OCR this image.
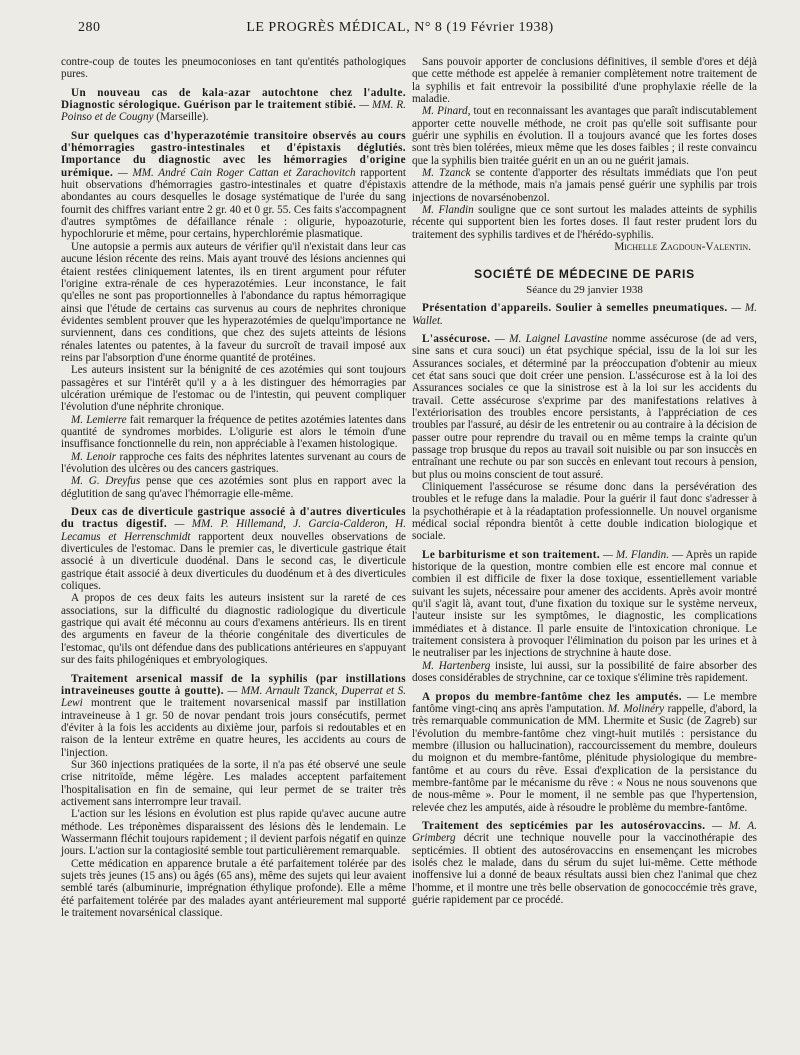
280	LE PROGRÈS MÉDICAL, N° 8 (19 Février 1938)

contre-coup de toutes les pneumoconioses en tant qu'entités pathologiques pures.

Un nouveau cas de kala-azar autochtone chez l'adulte. Diagnostic sérologique. Guérison par le traitement stibié. — MM. R. Poinso et de Cougny (Marseille).

Sur quelques cas d'hyperazotémie transitoire observés au cours d'hémorragies gastro-intestinales et d'épistaxis déglutiés. Importance du diagnostic avec les hémorragies d'origine urémique. — MM. André Cain Roger Cattan et Zarachovitch rapportent huit observations d'hémorragies gastro-intestinales et quatre d'épistaxis abondantes au cours desquelles le dosage systématique de l'urée du sang fournit des chiffres variant entre 2 gr. 40 et 0 gr. 55. Ces faits s'accompagnent d'autres symptômes de défaillance rénale : oligurie, hypoazoturie, hypochlorurie et même, pour certains, hyperchlorémie plasmatique.

Une autopsie a permis aux auteurs de vérifier qu'il n'existait dans leur cas aucune lésion récente des reins. Mais ayant trouvé des lésions anciennes qui étaient restées cliniquement latentes, ils en tirent argument pour réfuter l'origine extra-rénale de ces hyperazotémies. Leur inconstance, le fait qu'elles ne sont pas proportionnelles à l'abondance du raptus hémorragique ainsi que l'étude de certains cas survenus au cours de nephrites chronique évidentes semblent prouver que les hyperazotémies de quelqu'importance ne surviennent, dans ces conditions, que chez des sujets atteints de lésions rénales latentes ou patentes, à la faveur du surcroît de travail imposé aux reins par l'absorption d'une énorme quantité de protéines.

Les auteurs insistent sur la bénignité de ces azotémies qui sont toujours passagères et sur l'intérêt qu'il y a à les distinguer des hémorragies par ulcération urémique de l'estomac ou de l'intestin, qui peuvent compliquer l'évolution d'une néphrite chronique.

M. Lemierre fait remarquer la fréquence de petites azotémies latentes dans quantité de syndromes morbides. L'oligurie est alors le témoin d'une insuffisance fonctionnelle du rein, non appréciable à l'examen histologique.

M. Lenoir rapproche ces faits des néphrites latentes survenant au cours de l'évolution des ulcères ou des cancers gastriques.

M. G. Dreyfus pense que ces azotémies sont plus en rapport avec la déglutition de sang qu'avec l'hémorragie elle-même.

Deux cas de diverticule gastrique associé à d'autres diverticules du tractus digestif. — MM. P. Hillemand, J. Garcia-Calderon, H. Lecamus et Herrenschmidt rapportent deux nouvelles observations de diverticules de l'estomac. Dans le premier cas, le diverticule gastrique était associé à un diverticule duodénal. Dans le second cas, le diverticule gastrique était associé à deux diverticules du duodénum et à des diverticules coliques.

A propos de ces deux faits les auteurs insistent sur la rareté de ces associations, sur la difficulté du diagnostic radiologique du diverticule gastrique qui avait été méconnu au cours d'examens antérieurs. Ils en tirent des arguments en faveur de la théorie congénitale des diverticules de l'estomac, qu'ils ont défendue dans des publications antérieures en s'appuyant sur des faits philogéniques et embryologiques.

Traitement arsenical massif de la syphilis (par instillations intraveineuses goutte à goutte). — MM. Arnault Tzanck, Duperrat et S. Lewi montrent que le traitement novarsenical massif par instillation intraveineuse à 1 gr. 50 de novar pendant trois jours consécutifs, permet d'éviter à la fois les accidents au dixième jour, parfois si redoutables et en raison de la lenteur extrême en quatre heures, les accidents au cours de l'injection.

Sur 360 injections pratiquées de la sorte, il n'a pas été observé une seule crise nitritoïde, même légère. Les malades acceptent parfaitement l'hospitalisation en fin de semaine, qui leur permet de se traiter très activement sans interrompre leur travail.

L'action sur les lésions en évolution est plus rapide qu'avec aucune autre méthode. Les tréponèmes disparaissent des lésions dès le lendemain. Le Wassermann fléchit toujours rapidement ; il devient parfois négatif en quinze jours. L'action sur la contagiosité semble tout particulièrement remarquable.

Cette médication en apparence brutale a été parfaitement tolérée par des sujets très jeunes (15 ans) ou âgés (65 ans), même des sujets qui leur avaient semblé tarés (albuminurie, imprégnation éthylique profonde). Elle a même été parfaitement tolérée par des malades ayant antérieurement mal supporté le traitement novarsénical classique.

Sans pouvoir apporter de conclusions définitives, il semble d'ores et déjà que cette méthode est appelée à remanier complètement notre traitement de la syphilis et fait entrevoir la possibilité d'une prophylaxie réelle de la maladie.

M. Pinard, tout en reconnaissant les avantages que paraît indiscutablement apporter cette nouvelle méthode, ne croit pas qu'elle soit suffisante pour guérir une syphilis en évolution. Il a toujours avancé que les fortes doses sont très bien tolérées, mieux même que les doses faibles ; il reste convaincu que la syphilis bien traitée guérit en un an ou ne guérit jamais.

M. Tzanck se contente d'apporter des résultats immédiats que l'on peut attendre de la méthode, mais n'a jamais pensé guérir une syphilis par trois injections de novarsénobenzol.

M. Flandin souligne que ce sont surtout les malades atteints de syphilis récente qui supportent bien les fortes doses. Il faut rester prudent lors du traitement des syphilis tardives et de l'hérédo-syphilis.

Michelle Zagdoun-Valentin.
SOCIÉTÉ DE MÉDECINE DE PARIS
Séance du 29 janvier 1938

Présentation d'appareils. Soulier à semelles pneumatiques. — M. Wallet.

L'assécurose. — M. Laignel Lavastine nomme assécurose (de ad vers, sine sans et cura souci) un état psychique spécial, issu de la loi sur les Assurances sociales, et déterminé par la préoccupation d'obtenir au mieux cet état sans souci que doit créer une pension. L'assécurose est à la loi des Assurances sociales ce que la sinistrose est à la loi sur les accidents du travail. Cette assécurose s'exprime par des manifestations relatives à l'extériorisation des troubles encore persistants, à l'appréciation de ces troubles par l'assuré, au désir de les entretenir ou au contraire à la décision de passer outre pour reprendre du travail ou en même temps la crainte qu'un passage trop brusque du repos au travail soit nuisible ou par son insuccès en entraînant une rechute ou par son succès en enlevant tout recours à pension, but plus ou moins conscient de tout assuré.

Cliniquement l'assécurose se résume donc dans la persévération des troubles et le refuge dans la maladie. Pour la guérir il faut donc s'adresser à la psychothérapie et à la réadaptation professionnelle. Un nouvel organisme médical social répondra bientôt à cette double indication biologique et sociale.

Le barbiturisme et son traitement. — M. Flandin. — Après un rapide historique de la question, montre combien elle est encore mal connue et combien il est difficile de fixer la dose toxique, essentiellement variable suivant les sujets, nécessaire pour amener des accidents. Après avoir montré qu'il s'agit là, avant tout, d'une fixation du toxique sur le système nerveux, l'auteur insiste sur les symptômes, le diagnostic, les complications immédiates et à distance. Il parle ensuite de l'intoxication chronique. Le traitement consistera à provoquer l'élimination du poison par les urines et à le neutraliser par les injections de strychnine à haute dose.

M. Hartenberg insiste, lui aussi, sur la possibilité de faire absorber des doses considérables de strychnine, car ce toxique s'élimine très rapidement.

A propos du membre-fantôme chez les amputés. — Le membre fantôme vingt-cinq ans après l'amputation. M. Molinéry rappelle, d'abord, la très remarquable communication de MM. Lhermite et Susic (de Zagreb) sur l'évolution du membre-fantôme chez vingt-huit mutilés : persistance du membre (illusion ou hallucination), raccourcissement du membre, douleurs du moignon et du membre-fantôme, plénitude physiologique du membre-fantôme et au cours du rêve. Essai d'explication de la persistance du membre-fantôme par le mécanisme du rêve : « Nous ne nous souvenons que de nous-même ». Pour le moment, il ne semble pas que l'hypertension, relevée chez les amputés, aide à résoudre le problème du membre-fantôme.

Traitement des septicémies par les autosérovaccins. — M. A. Grimberg décrit une technique nouvelle pour la vaccinothérapie des septicémies. Il obtient des autosérovaccins en ensemençant les microbes isolés chez le malade, dans du sérum du sujet lui-même. Cette méthode inoffensive lui a donné de beaux résultats aussi bien chez l'animal que chez l'homme, et il montre une très belle observation de gonococcémie très grave, guérie rapidement par ce procédé.
